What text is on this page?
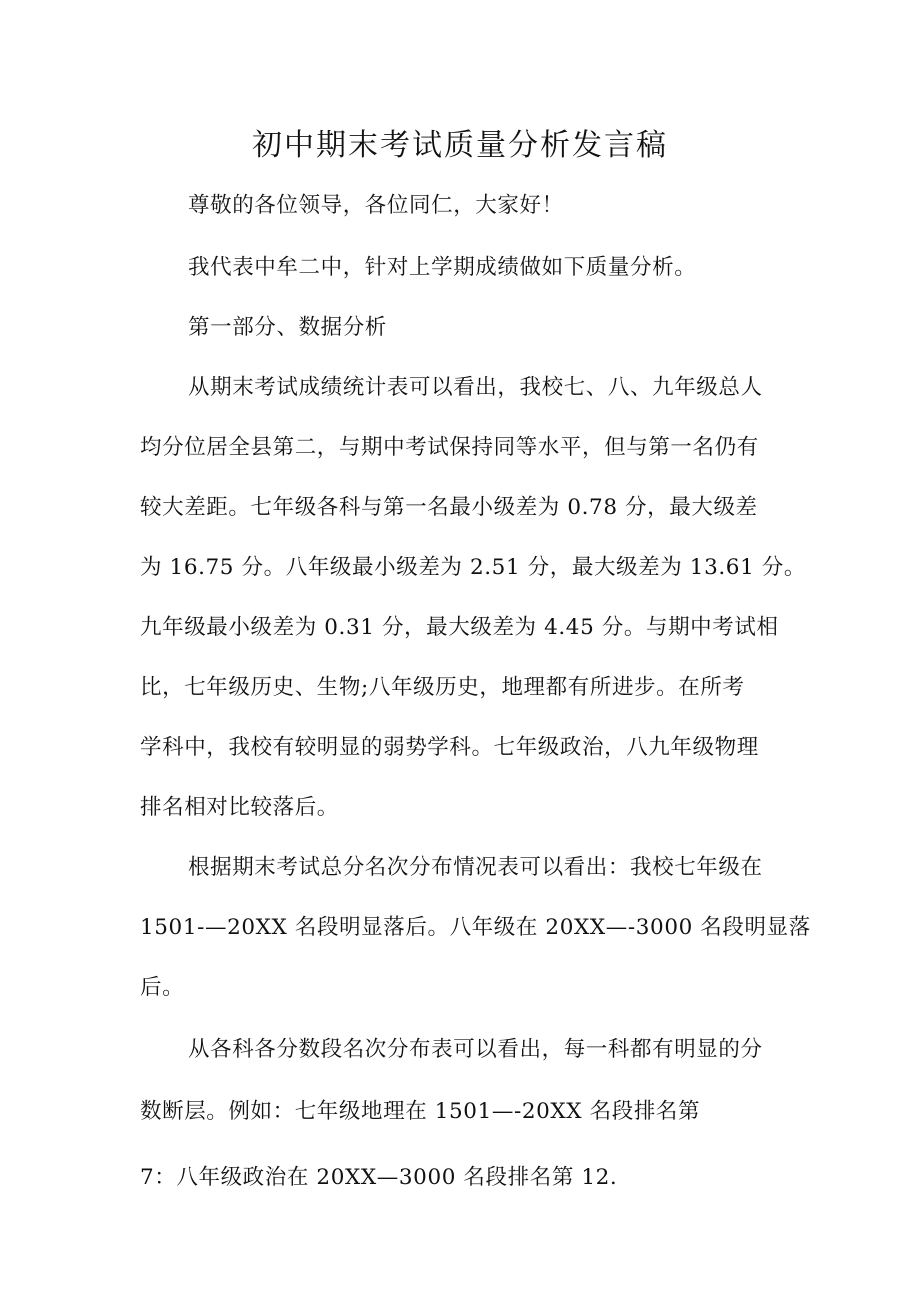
初中期末考试质量分析发言稿
尊敬的各位领导，各位同仁，大家好！
我代表中牟二中，针对上学期成绩做如下质量分析。
第一部分、数据分析
从期末考试成绩统计表可以看出，我校七、八、九年级总人
均分位居全县第二，与期中考试保持同等水平，但与第一名仍有
较大差距。七年级各科与第一名最小级差为 0.78 分，最大级差
为 16.75 分。八年级最小级差为 2.51 分，最大级差为 13.61 分。
九年级最小级差为 0.31 分，最大级差为 4.45 分。与期中考试相
比，七年级历史、生物;八年级历史，地理都有所进步。在所考
学科中，我校有较明显的弱势学科。七年级政治，八九年级物理
排名相对比较落后。
根据期末考试总分名次分布情况表可以看出：我校七年级在
1501-—20XX 名段明显落后。八年级在 20XX—-3000 名段明显落
后。
从各科各分数段名次分布表可以看出，每一科都有明显的分
数断层。例如：七年级地理在 1501—-20XX 名段排名第
7：八年级政治在 20XX—3000 名段排名第 12.
